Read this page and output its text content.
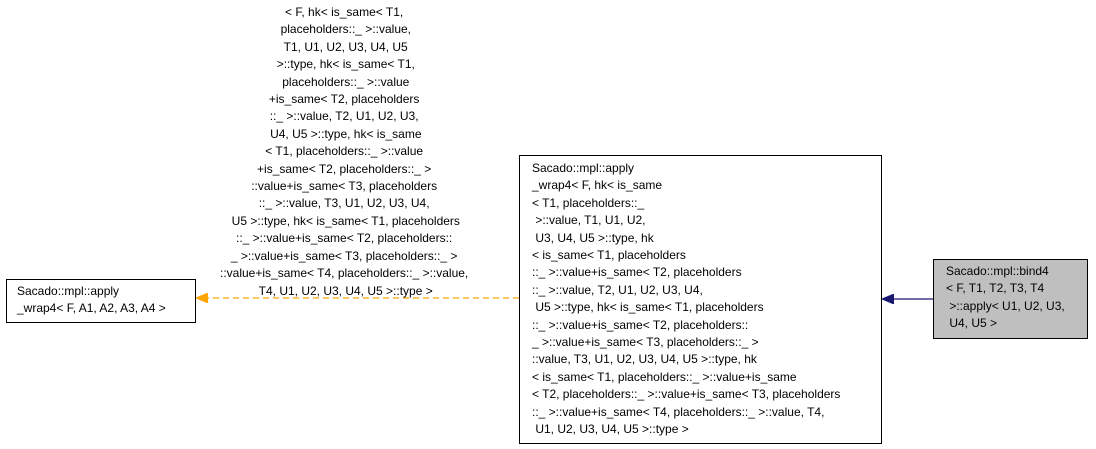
< F, hk< is_same< T1,
placeholders::_ >::value,
T1, U1, U2, U3, U4, U5
>::type, hk< is_same< T1,
placeholders::_ >::value
+is_same< T2, placeholders
::_ >::value, T2, U1, U2, U3,
U4, U5 >::type, hk< is_same
< T1, placeholders::_ >::value
+is_same< T2, placeholders::_ >
::value+is_same< T3, placeholders
::_ >::value, T3, U1, U2, U3, U4,
U5 >::type, hk< is_same< T1, placeholders
::_ >::value+is_same< T2, placeholders::
_ >::value+is_same< T3, placeholders::_ >
::value+is_same< T4, placeholders::_ >::value,
T4, U1, U2, U3, U4, U5 >::type >
Sacado::mpl::apply
_wrap4< F, A1, A2, A3, A4 >
Sacado::mpl::apply
_wrap4< F, hk< is_same
< T1, placeholders::_
>::value, T1, U1, U2,
U3, U4, U5 >::type, hk
< is_same< T1, placeholders
::_ >::value+is_same< T2, placeholders
::_ >::value, T2, U1, U2, U3, U4,
U5 >::type, hk< is_same< T1, placeholders
::_ >::value+is_same< T2, placeholders::
_ >::value+is_same< T3, placeholders::_ >
::value, T3, U1, U2, U3, U4, U5 >::type, hk
< is_same< T1, placeholders::_ >::value+is_same
< T2, placeholders::_ >::value+is_same< T3, placeholders
::_ >::value+is_same< T4, placeholders::_ >::value, T4,
U1, U2, U3, U4, U5 >::type >
Sacado::mpl::bind4
< F, T1, T2, T3, T4
>::apply< U1, U2, U3,
U4, U5 >
